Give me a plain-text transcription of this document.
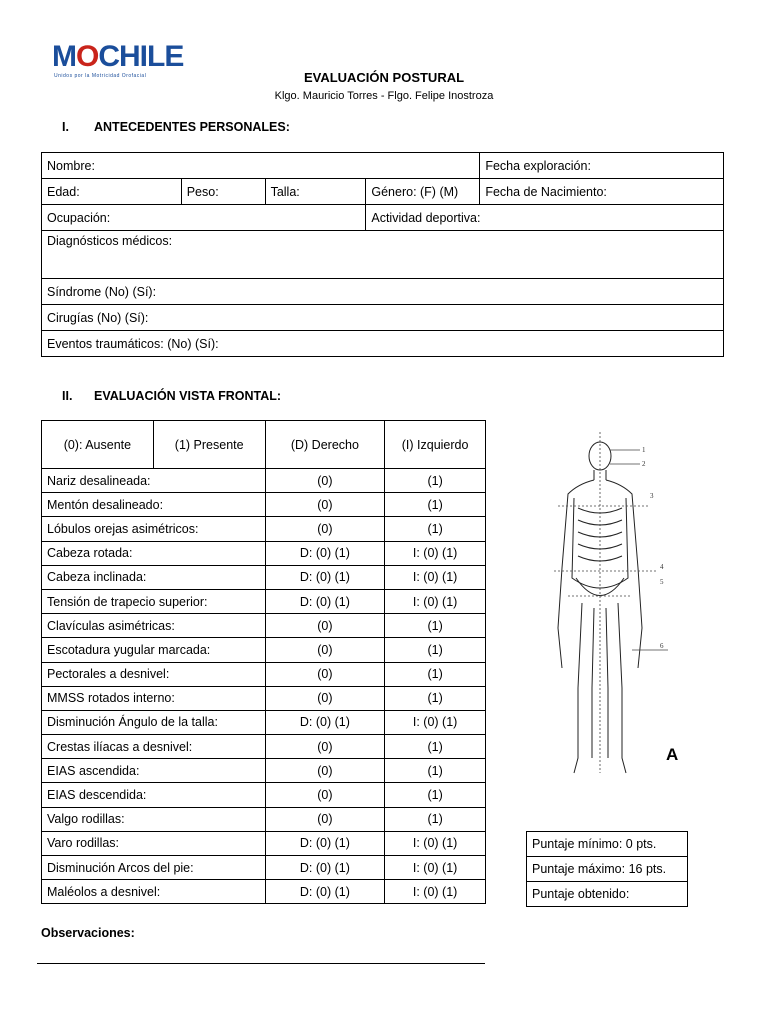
MOCHILE
Unidos por la Motricidad Orofacial	EVALUACIÓN POSTURAL
Klgo. Mauricio Torres - Flgo. Felipe Inostroza
I. ANTECEDENTES PERSONALES:
Nombre:				Fecha exploración:
Edad:	Peso:	Talla:	Género: (F) (M)	Fecha de Nacimiento:
Ocupación:			Actividad deportiva:	
Diagnósticos médicos:				
Síndrome (No) (Sí):				
Cirugías (No) (Sí):				
Eventos traumáticos: (No) (Sí):				
II. EVALUACIÓN VISTA FRONTAL:
(0): Ausente	(1) Presente	(D) Derecho	(I) Izquierdo
Nariz desalineada:		(0)	(1)
Mentón desalineado:		(0)	(1)
Lóbulos orejas asimétricos:		(0)	(1)
Cabeza rotada:		D: (0) (1)	I: (0) (1)
Cabeza inclinada:		D: (0) (1)	I: (0) (1)
Tensión de trapecio superior:		D: (0) (1)	I: (0) (1)
Clavículas asimétricas:		(0)	(1)
Escotadura yugular marcada:		(0)	(1)
Pectorales a desnivel:		(0)	(1)
MMSS rotados interno:		(0)	(1)
Disminución Ángulo de la talla:		D: (0) (1)	I: (0) (1)
Crestas ilíacas a desnivel:		(0)	(1)
EIAS ascendida:		(0)	(1)
EIAS descendida:		(0)	(1)
Valgo rodillas:		(0)	(1)
Varo rodillas:		D: (0) (1)	I: (0) (1)
Disminución Arcos del pie:		D: (0) (1)	I: (0) (1)
Maléolos a desnivel:		D: (0) (1)	I: (0) (1)
1
2
3
4
5
6
A
Puntaje mínimo: 0 pts.
Puntaje máximo: 16 pts.
Puntaje obtenido:
Observaciones:
